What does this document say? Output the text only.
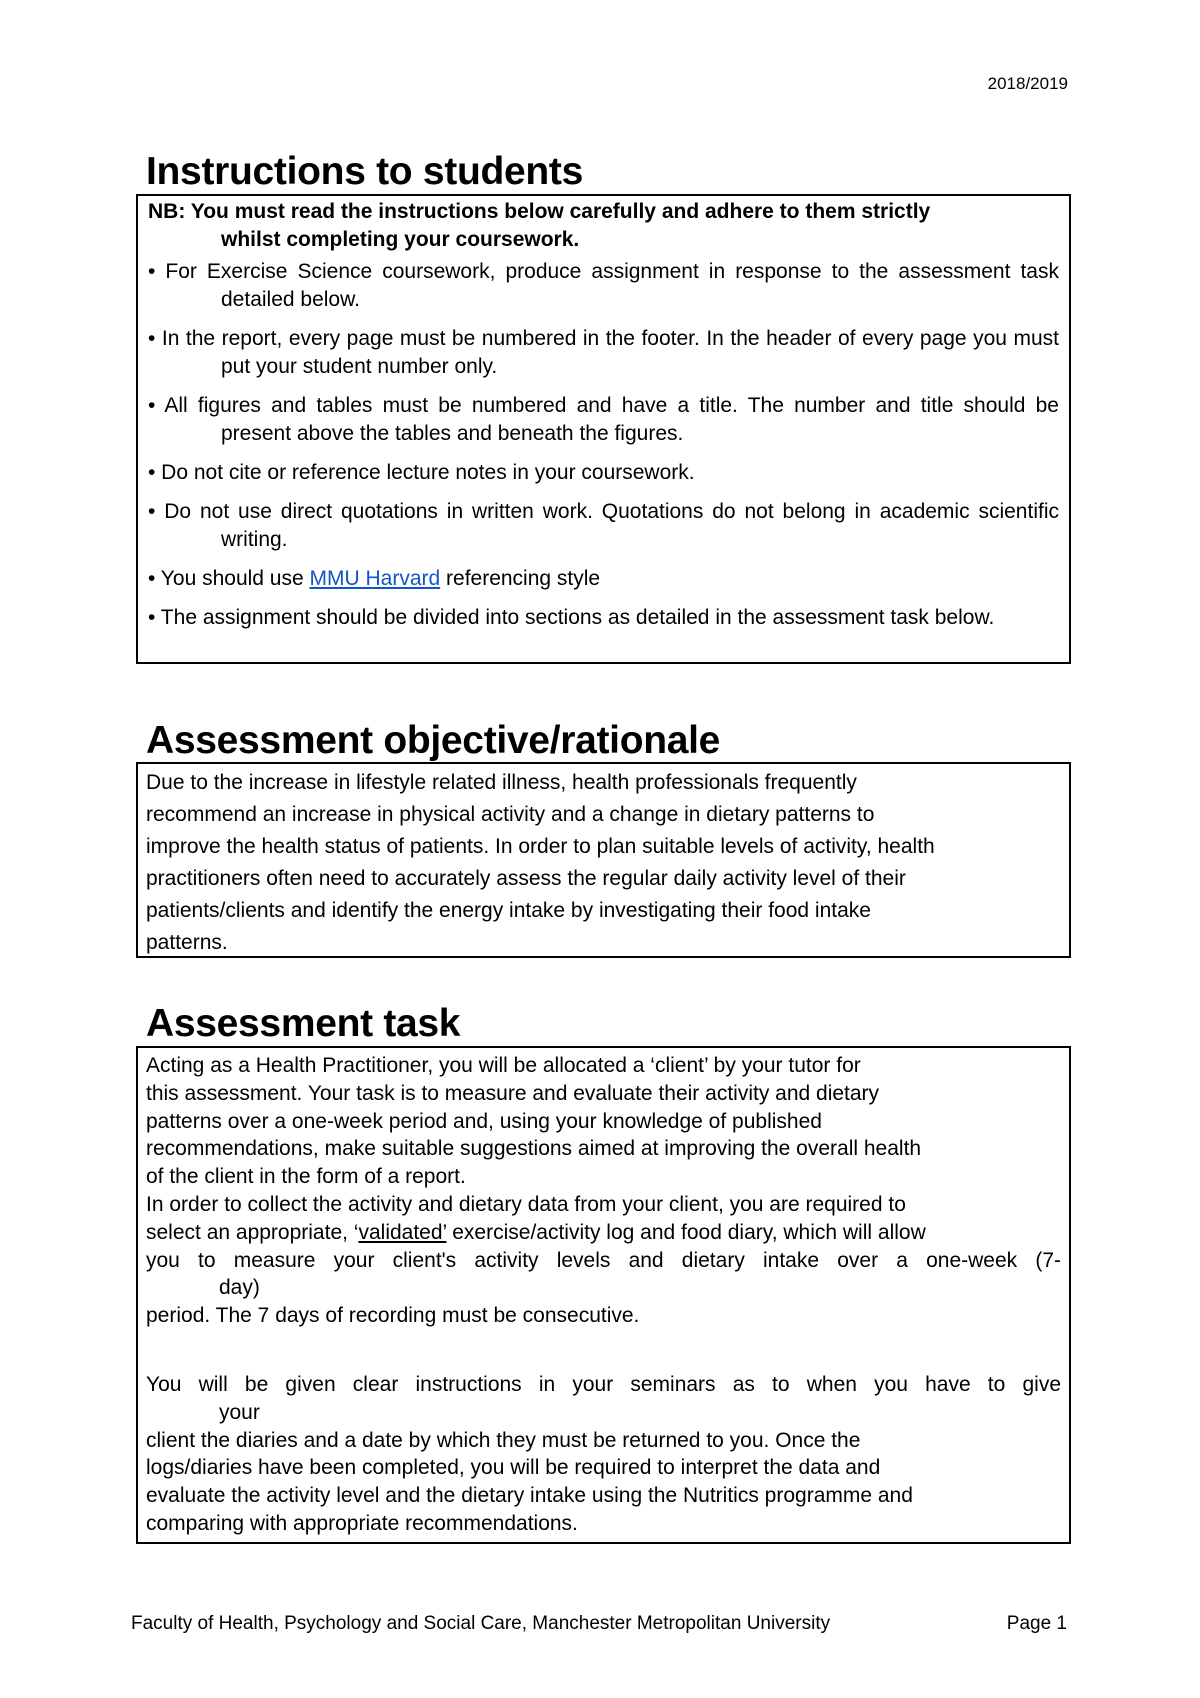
2018/2019
Instructions to students
NB: You must read the instructions below carefully and adhere to them strictly
whilst completing your coursework.

• For Exercise Science coursework, produce assignment in response to the assessment task detailed below.

• In the report, every page must be numbered in the footer. In the header of every page you must put your student number only.

• All figures and tables must be numbered and have a title. The number and title should be present above the tables and beneath the figures.

• Do not cite or reference lecture notes in your coursework.

• Do not use direct quotations in written work. Quotations do not belong in academic scientific writing.

• You should use MMU Harvard referencing style

• The assignment should be divided into sections as detailed in the assessment task below.

Assessment objective/rationale
Due to the increase in lifestyle related illness, health professionals frequently
recommend an increase in physical activity and a change in dietary patterns to
improve the health status of patients. In order to plan suitable levels of activity, health
practitioners often need to accurately assess the regular daily activity level of their
patients/clients and identify the energy intake by investigating their food intake
patterns.
Assessment task
Acting as a Health Practitioner, you will be allocated a ‘client’ by your tutor for
this assessment. Your task is to measure and evaluate their activity and dietary
patterns over a one-week period and, using your knowledge of published
recommendations, make suitable suggestions aimed at improving the overall health
of the client in the form of a report.
In order to collect the activity and dietary data from your client, you are required to
select an appropriate, ‘validated’ exercise/activity log and food diary, which will allow
you to measure your client's activity levels and dietary intake over a one-week (7-
day)
period. The 7 days of recording must be consecutive.
You will be given clear instructions in your seminars as to when you have to give
your
client the diaries and a date by which they must be returned to you. Once the
logs/diaries have been completed, you will be required to interpret the data and
evaluate the activity level and the dietary intake using the Nutritics programme and
comparing with appropriate recommendations.
Faculty of Health, Psychology and Social Care, Manchester Metropolitan University	Page 1
